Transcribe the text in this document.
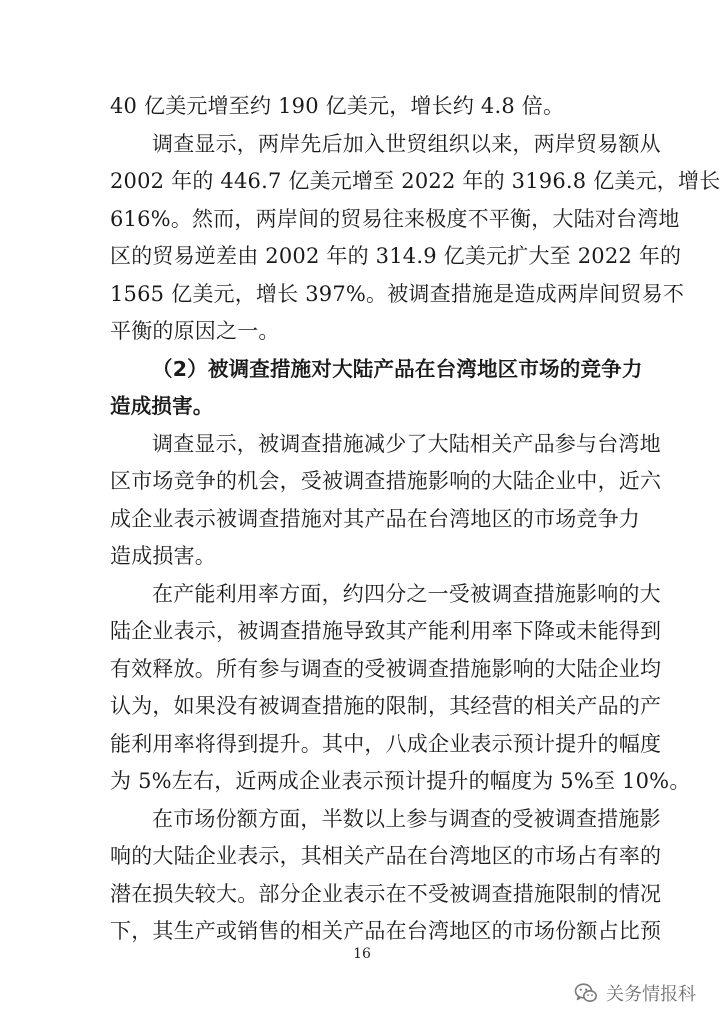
40 亿美元增至约 190 亿美元，增长约 4.8 倍。
调查显示，两岸先后加入世贸组织以来，两岸贸易额从
2002 年的 446.7 亿美元增至 2022 年的 3196.8 亿美元，增长
616%。然而，两岸间的贸易往来极度不平衡，大陆对台湾地
区的贸易逆差由 2002 年的 314.9 亿美元扩大至 2022 年的
1565 亿美元，增长 397%。被调查措施是造成两岸间贸易不
平衡的原因之一。
（2）被调查措施对大陆产品在台湾地区市场的竞争力
造成损害。
调查显示，被调查措施减少了大陆相关产品参与台湾地
区市场竞争的机会，受被调查措施影响的大陆企业中，近六
成企业表示被调查措施对其产品在台湾地区的市场竞争力
造成损害。
在产能利用率方面，约四分之一受被调查措施影响的大
陆企业表示，被调查措施导致其产能利用率下降或未能得到
有效释放。所有参与调查的受被调查措施影响的大陆企业均
认为，如果没有被调查措施的限制，其经营的相关产品的产
能利用率将得到提升。其中，八成企业表示预计提升的幅度
为 5%左右，近两成企业表示预计提升的幅度为 5%至 10%。
在市场份额方面，半数以上参与调查的受被调查措施影
响的大陆企业表示，其相关产品在台湾地区的市场占有率的
潜在损失较大。部分企业表示在不受被调查措施限制的情况
下，其生产或销售的相关产品在台湾地区的市场份额占比预
16
关务情报科
